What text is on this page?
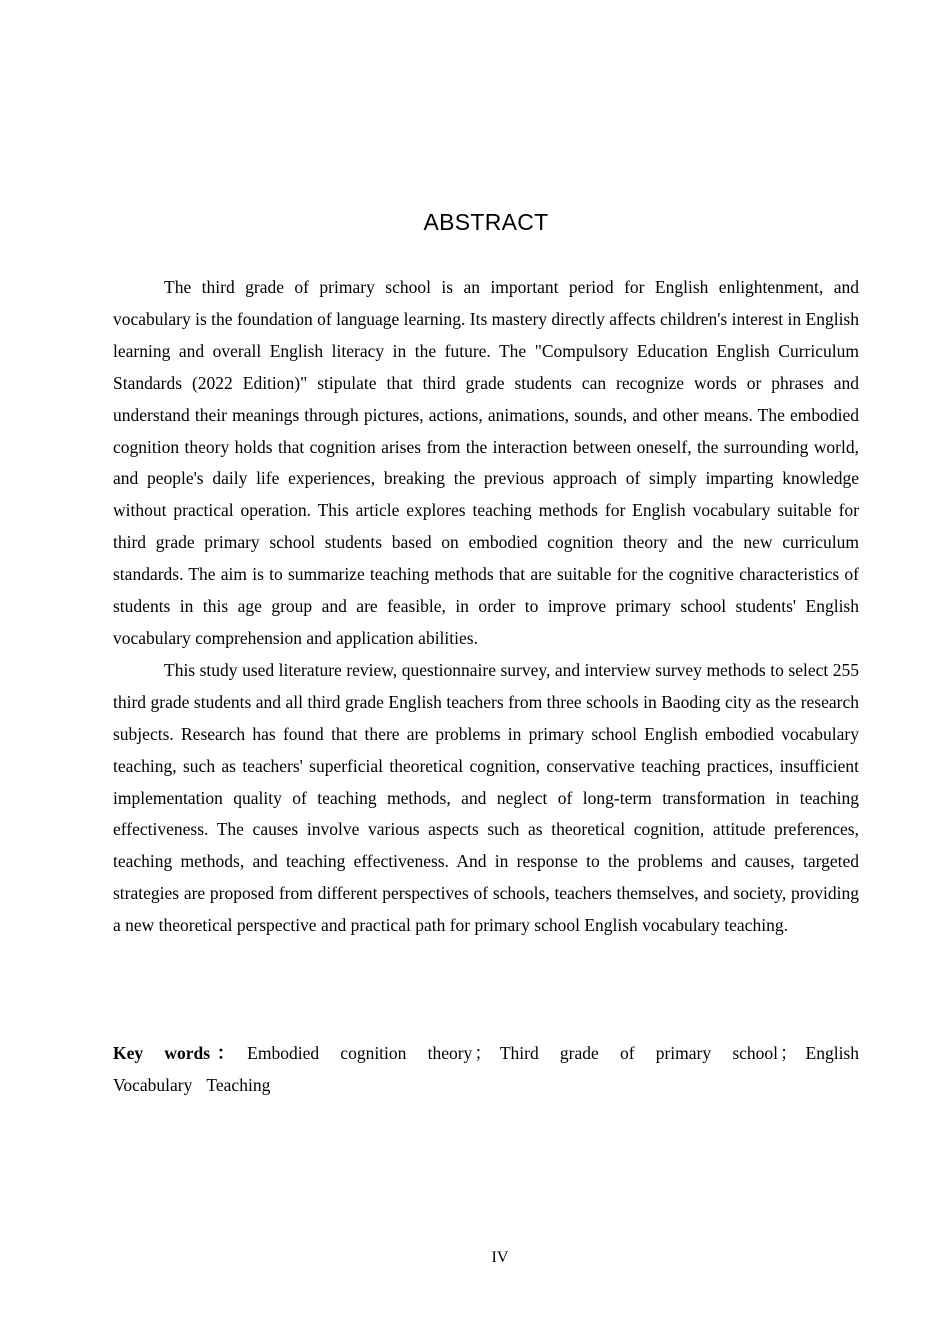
ABSTRACT

The third grade of primary school is an important period for English enlightenment, and vocabulary is the foundation of language learning. Its mastery directly affects children's interest in English learning and overall English literacy in the future. The "Compulsory Education English Curriculum Standards (2022 Edition)" stipulate that third grade students can recognize words or phrases and understand their meanings through pictures, actions, animations, sounds, and other means. The embodied cognition theory holds that cognition arises from the interaction between oneself, the surrounding world, and people's daily life experiences, breaking the previous approach of simply imparting knowledge without practical operation. This article explores teaching methods for English vocabulary suitable for third grade primary school students based on embodied cognition theory and the new curriculum standards. The aim is to summarize teaching methods that are suitable for the cognitive characteristics of students in this age group and are feasible, in order to improve primary school students' English vocabulary comprehension and application abilities.

This study used literature review, questionnaire survey, and interview survey methods to select 255 third grade students and all third grade English teachers from three schools in Baoding city as the research subjects. Research has found that there are problems in primary school English embodied vocabulary teaching, such as teachers' superficial theoretical cognition, conservative teaching practices, insufficient implementation quality of teaching methods, and neglect of long-term transformation in teaching effectiveness. The causes involve various aspects such as theoretical cognition, attitude preferences, teaching methods, and teaching effectiveness. And in response to the problems and causes, targeted strategies are proposed from different perspectives of schools, teachers themselves, and society, providing a new theoretical perspective and practical path for primary school English vocabulary teaching.

Key words： Embodied cognition theory ； Third grade of primary school ； English Vocabulary Teaching

IV
